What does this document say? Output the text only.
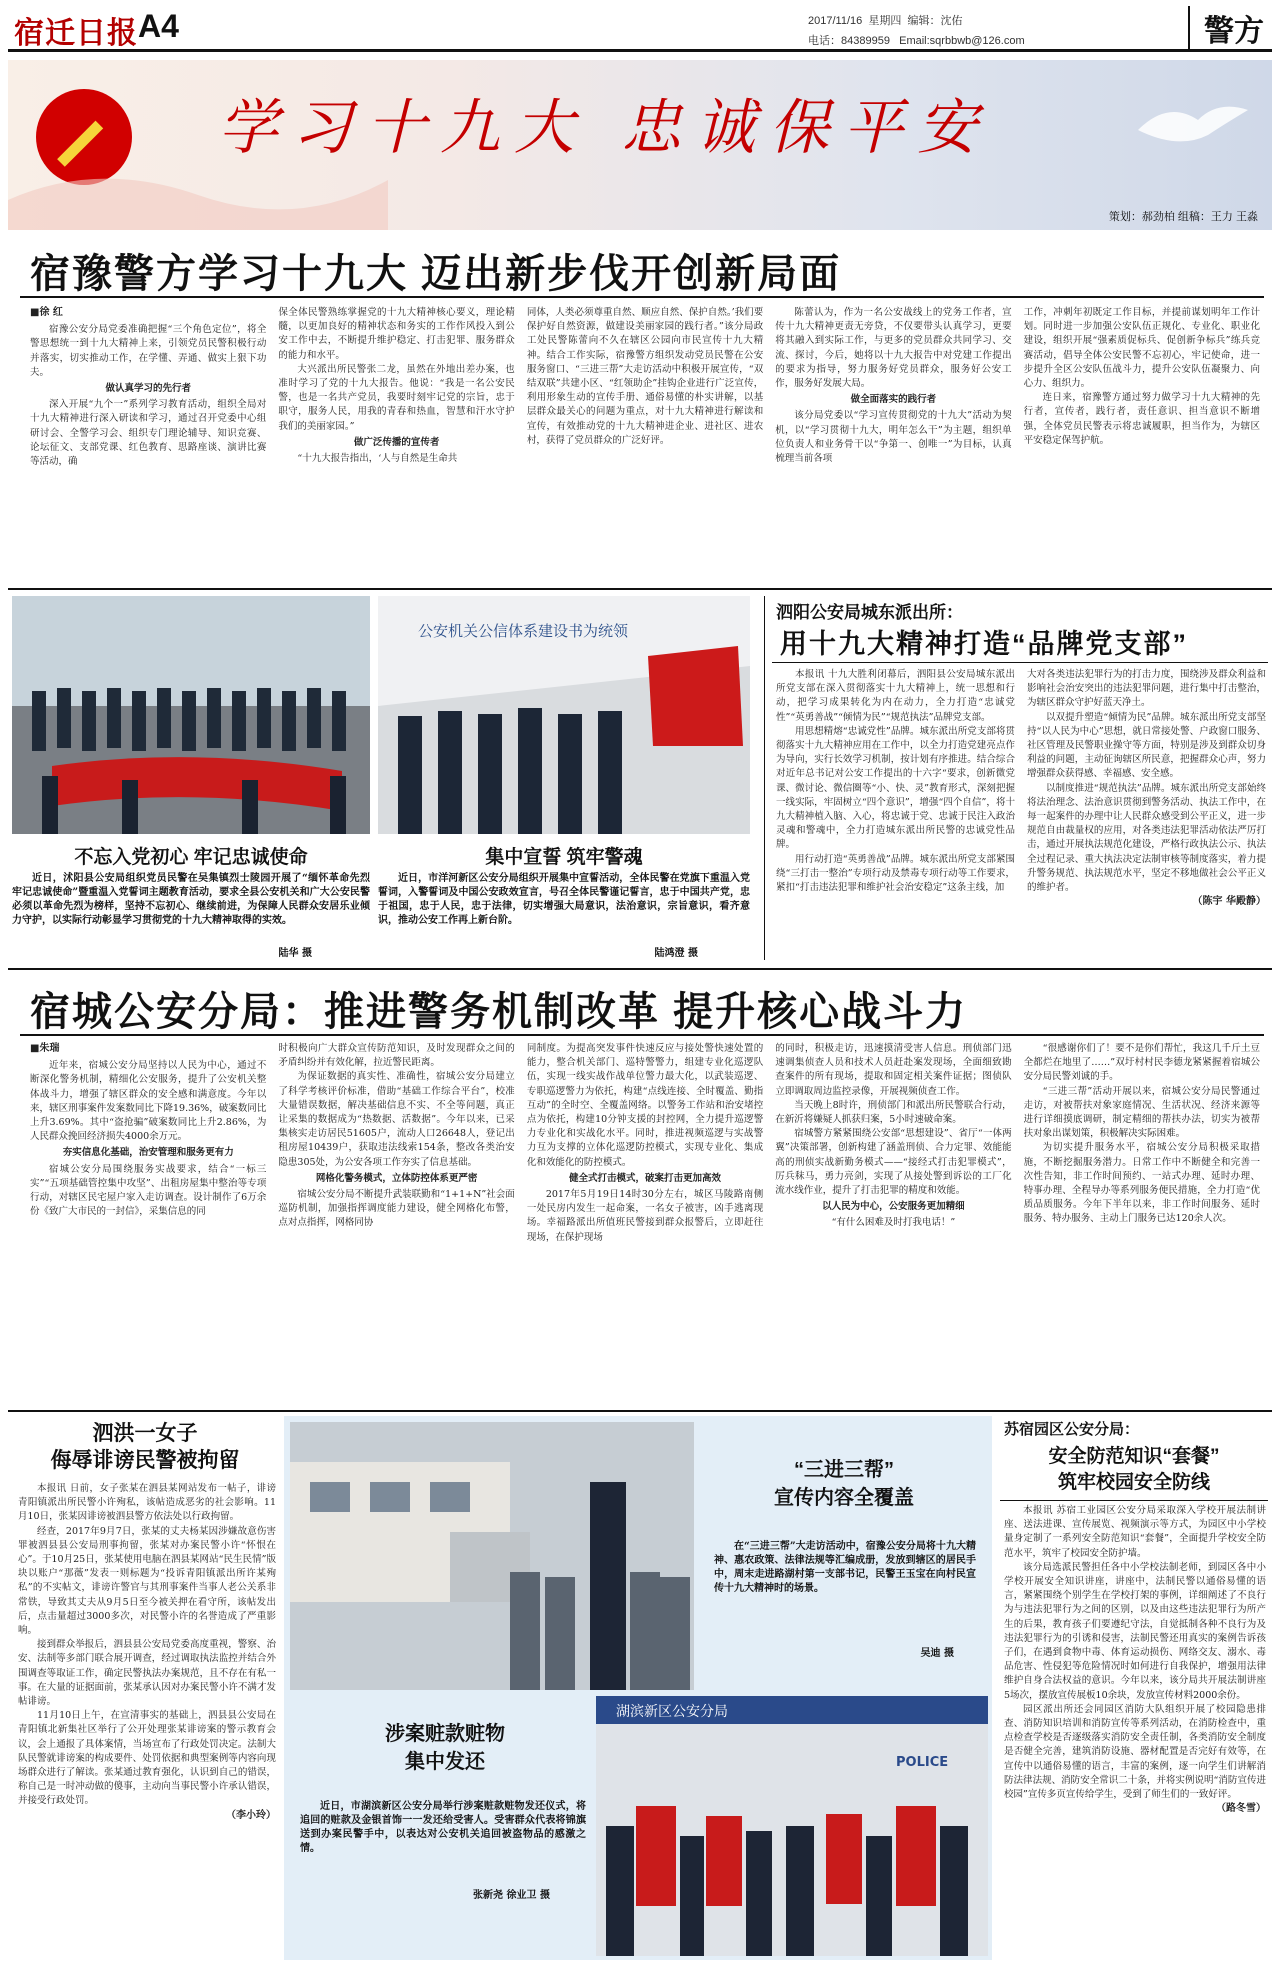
宿迁日报 A4	2017/11/16 星期四 编辑：沈佑
电话：84389959 Email:sqrbbwb@126.com	警方
学习十九大 忠诚保平安
策划：郝劲柏 组稿：王力 王淼
宿豫警方学习十九大 迈出新步伐开创新局面
■徐 红

宿豫公安分局党委准确把握“三个角色定位”，将全警思想统一到十九大精神上来，引领党员民警积极行动并落实，切实推动工作，在学懂、弄通、做实上狠下功夫。

做认真学习的先行者

深入开展“九个一”系列学习教育活动，组织全局对十九大精神进行深入研读和学习，通过召开党委中心组研讨会、全警学习会、组织专门理论辅导、知识竞赛、论坛征文、支部党课、红色教育、思路座谈、演讲比赛等活动，确

保全体民警熟练掌握党的十九大精神核心要义，理论精髓，以更加良好的精神状态和务实的工作作风投入到公安工作中去，不断提升维护稳定、打击犯罪、服务群众的能力和水平。

大兴派出所民警张二龙，虽然在外地出差办案，也准时学习了党的十九大报告。他说：“我是一名公安民警，也是一名共产党员，我要时刻牢记党的宗旨，忠于职守，服务人民，用我的青春和热血，智慧和汗水守护我们的美丽家园。”

做广泛传播的宣传者

“十九大报告指出，‘人与自然是生命共

同体，人类必须尊重自然、顺应自然、保护自然。’我们要保护好自然资源，做建设美丽家园的践行者。”该分局政工处民警陈蕾向不久在辖区公园向市民宣传十九大精神。结合工作实际，宿豫警方组织发动党员民警在公安服务窗口、“三进三帮”大走访活动中积极开展宣传，“双结双联”共建小区、“红领助企”挂钩企业进行广泛宣传，利用形象生动的宣传手册、通俗易懂的朴实讲解，以基层群众最关心的问题为重点，对十九大精神进行解读和宣传，有效推动党的十九大精神进企业、进社区、进农村，获得了党员群众的广泛好评。

陈蕾认为，作为一名公安战线上的党务工作者，宣传十九大精神更责无旁贷，不仅要带头认真学习，更要将其融入到实际工作，与更多的党员群众共同学习、交流、探讨，今后，她将以十九大报告中对党建工作提出的要求为指导，努力服务好党员群众，服务好公安工作，服务好发展大局。

做全面落实的践行者

该分局党委以“学习宣传贯彻党的十九大”活动为契机，以“学习贯彻十九大，明年怎么干”为主题，组织单位负责人和业务骨干以“争第一、创唯一”为目标，认真梳理当前各项

工作，冲刺年初既定工作目标，并提前谋划明年工作计划。同时进一步加强公安队伍正规化、专业化、职业化建设，组织开展“强素质促标兵、促创新争标兵”练兵竞赛活动，倡导全体公安民警不忘初心，牢记使命，进一步提升全区公安队伍战斗力，提升公安队伍凝聚力、向心力、组织力。

连日来，宿豫警方通过努力做学习十九大精神的先行者，宣传者，践行者，责任意识、担当意识不断增强，全体党员民警表示将忠诚履职，担当作为，为辖区平安稳定保驾护航。

公安机关公信体系建设书为统领
不忘入党初心 牢记忠诚使命
近日，沭阳县公安局组织党员民警在吴集镇烈士陵园开展了“缅怀革命先烈 牢记忠诚使命”暨重温入党誓词主题教育活动，要求全县公安机关和广大公安民警必须以革命先烈为榜样，坚持不忘初心、继续前进，为保障人民群众安居乐业倾力守护，以实际行动彰显学习贯彻党的十九大精神取得的实效。
陆华 摄
集中宣誓 筑牢警魂
近日，市洋河新区公安分局组织开展集中宣誓活动，全体民警在党旗下重温入党誓词，入警誓词及中国公安政效宣言，号召全体民警谨记誓言，忠于中国共产党，忠于祖国，忠于人民，忠于法律，切实增强大局意识，法治意识，宗旨意识，看齐意识，推动公安工作再上新台阶。
陆鸿澄 摄
泗阳公安局城东派出所：
用十九大精神打造“品牌党支部”

本报讯 十九大胜利闭幕后，泗阳县公安局城东派出所党支部在深入贯彻落实十九大精神上，统一思想和行动，把学习成果转化为内在动力，全力打造“忠诚党性”“英勇善战”“倾情为民”“规范执法”品牌党支部。

用思想精熔“忠诚党性”品牌。城东派出所党支部将贯彻落实十九大精神应用在工作中，以全力打造党建亮点作为导向，实行长效学习机制，按计划有序推进。结合综合对近年总书记对公安工作提出的十六字“要求，创新微党课、微讨论、微信圈等“小、快、灵”教育形式，深刻把握一线实际，牢固树立“四个意识”，增强“四个自信”，将十九大精神植入脑、入心，将忠诚于党、忠诚于民注入政治灵魂和警魂中，全力打造城东派出所民警的忠诚党性品牌。

用行动打造“英勇善战”品牌。城东派出所党支部紧围绕“三打击一整治”专项行动及禁毒专项行动等工作要求，紧扣“打击违法犯罪和维护社会治安稳定”这条主线，加

大对各类违法犯罪行为的打击力度，围绕涉及群众利益和影响社会治安突出的违法犯罪问题，进行集中打击整治，为辖区群众守护好蓝天净土。

以双提升塑造“倾情为民”品牌。城东派出所党支部坚持“以人民为中心”思想，就日常接处警、户政窗口服务、社区管理及民警职业操守等方面，特别是涉及到群众切身利益的问题，主动征询辖区所民意，把握群众心声，努力增强群众获得感、幸福感、安全感。

以制度推进“规范执法”品牌。城东派出所党支部始终将法治理念、法治意识贯彻到警务活动、执法工作中，在每一起案件的办理中让人民群众感受到公平正义，进一步规范自由裁量权的应用，对各类违法犯罪活动依法严厉打击，通过开展执法规范化建设，严格行政执法公示、执法全过程记录、重大执法决定法制审核等制度落实，着力提升警务规范、执法规范水平，坚定不移地做社会公平正义的维护者。

（陈宇 华殿静）
宿城公安分局：推进警务机制改革 提升核心战斗力
■朱瑞

近年来，宿城公安分局坚持以人民为中心，通过不断深化警务机制，精细化公安服务，提升了公安机关整体战斗力，增强了辖区群众的安全感和满意度。今年以来，辖区刑事案件发案数同比下降19.36%，破案数同比上升3.69%。其中“盗抢骗”破案数同比上升2.86%，为人民群众挽回经济损失4000余万元。

夯实信息化基础，治安管理和服务更有力

宿城公安分局围绕服务实战要求，结合“一标三实”“五项基础管控集中攻坚”、出租房屋集中整治等专项行动，对辖区民宅屋户家入走访调查。设计制作了6万余份《致广大市民的一封信》，采集信息的同

时积极向广大群众宣传防范知识，及时发现群众之间的矛盾纠纷并有效化解，拉近警民距离。

为保证数据的真实性、准确性，宿城公安分局建立了科学考核评价标准，借助“基础工作综合平台”，校准大量错误数据，解决基础信息不实、不全等问题，真正让采集的数据成为“热数据、活数据”。今年以来，已采集核实走访居民51605户，流动人口26648人，登记出租房屋10439户，获取违法线索154条，整改各类治安隐患305处，为公安各项工作夯实了信息基础。

网格化警务模式，立体防控体系更严密

宿城公安分局不断提升武装联勤和“1+1+N”社会面巡防机制，加强指挥调度能力建设，健全网格化布警，点对点指挥，网格同协

同制度。为提高突发事件快速反应与接处警快速处置的能力，整合机关部门、巡特警警力，组建专业化巡逻队伍，实现一线实战作战单位警力最大化，以武装巡逻、专职巡逻警力为依托，构建“点线连接、全时覆盖、勤指互动”的全时空、全覆盖网络。以警务工作站和治安堵控点为依托，构建10分钟支援的封控网，全力提升巡逻警力专业化和实战化水平。同时，推进视频巡逻与实战警力互为支撑的立体化巡逻防控模式，实现专业化、集成化和效能化的防控模式。

健全式打击模式，破案打击更加高效

2017年5月19日14时30分左右，城区马陵路南侧一处民房内发生一起命案，一名女子被害，凶手逃离现场。幸福路派出所值班民警接到群众报警后，立即赶往现场，在保护现场

的同时，积极走访，迅速摸清受害人信息。刑侦部门迅速调集侦查人员和技术人员赶赴案发现场，全面细致勘查案件的所有现场，提取和固定相关案件证据；图侦队立即调取周边监控录像，开展视频侦查工作。

当天晚上8时许，刑侦部门和派出所民警联合行动，在新沂将嫌疑人抓获归案，5小时速破命案。

宿城警方紧紧围绕公安部“思想建设”、省厅“一体两翼”决策部署，创新构建了涵盖刑侦、合力定罪、效能能高的刑侦实战新勤务模式——“接经式打击犯罪模式”，厉兵秣马，勇力亮剑，实现了从接处警到诉讼的工厂化流水线作业，提升了打击犯罪的精度和效能。

以人民为中心，公安服务更加精细

“有什么困难及时打我电话！”

“很感谢你们了！要不是你们帮忙，我这几千斤土豆全都烂在地里了……”双圩村村民李德龙紧紧握着宿城公安分局民警刘诚的手。

“三进三帮”活动开展以来，宿城公安分局民警通过走访，对被帮扶对象家庭情况、生活状况、经济来源等进行详细摸底调研，制定精细的帮扶办法，切实为被帮扶对象出谋划策，积极解决实际困难。

为切实提升服务水平，宿城公安分局积极采取措施，不断挖掘服务潜力。日常工作中不断健全和完善一次性告知，非工作时间预约、一站式办理、延时办理、特事办理、全程导办等系列服务便民措施，全力打造“优质品质服务。今年下半年以来，非工作时间服务、延时服务、特办服务、主动上门服务已达120余人次。

泗洪一女子
侮辱诽谤民警被拘留

本报讯 日前，女子张某在泗县某网站发布一帖子，诽谤青阳镇派出所民警小许殉私，该帖造成恶劣的社会影响。11月10日，张某因诽谤被泗县警方依法处以行政拘留。

经查，2017年9月7日，张某的丈夫杨某因涉嫌故意伤害罪被泗县县公安局刑事拘留，张某对办案民警小许“怀恨在心”。于10月25日，张某使用电脑在泗县某网站“民生民情”版块以账户“那薇”发表一则标题为“投诉青阳镇派出所许某殉私”的不实帖文，诽谤许警官与其刑事案件当事人老公关系非常铁，导致其丈夫从9月5日至今被关押在看守所，该帖发出后，点击量超过3000多次，对民警小许的名誉造成了严重影响。

接到群众举报后，泗县县公安局党委高度重视，警察、治安、法制等多部门联合展开调查，经过调取执法监控并结合外围调查等取证工作，确定民警执法办案规范，且不存在有私一事。在大量的证据面前，张某承认因对办案民警小许不满才发帖诽谤。

11月10日上午，在宣清事实的基础上，泗县县公安局在青阳镇北新集社区举行了公开处理张某诽谤案的警示教育会议，会上通报了具体案情，当场宣布了行政处罚决定。法制大队民警就诽谤案的构成要件、处罚依据和典型案例等内容向现场群众进行了解读。张某通过教育强化，认识到自己的错误，称自己是一时冲动做的傻事，主动向当事民警小许承认错误，并接受行政处罚。

（李小玲）
“三进三帮”
宣传内容全覆盖
在“三进三帮”大走访活动中，宿豫公安分局将十九大精神、惠农政策、法律法规等汇编成册，发放到辖区的居民手中，周末走进路湖村第一支部书记，民警王玉宝在向村民宣传十九大精神时的场景。
吴迪 摄
涉案赃款赃物
集中发还
近日，市湖滨新区公安分局举行涉案赃款赃物发还仪式，将追回的赃款及金银首饰一一发还给受害人。受害群众代表将锦旗送到办案民警手中，以表达对公安机关追回被盗物品的感激之情。
张新尧 徐业卫 摄
湖滨新区公安分局
POLICE
苏宿园区公安分局：
安全防范知识“套餐”
筑牢校园安全防线

本报讯 苏宿工业园区公安分局采取深入学校开展法制讲座、送法进课、宣传展览、视频演示等方式，为园区中小学校量身定制了一系列安全防范知识“套餐”，全面提升学校安全防范水平，筑牢了校园安全防护墙。

该分局选派民警担任各中小学校法制老师，到园区各中小学校开展安全知识讲座，讲座中，法制民警以通俗易懂的语言，紧紧围绕个别学生在学校打架的事例，详细阐述了不良行为与违法犯罪行为之间的区别，以及由这些违法犯罪行为所产生的后果，教育孩子们要遵纪守法，自觉抵制各种不良行为及违法犯罪行为的引诱和侵害，法制民警还用真实的案例告诉孩子们，在遇到食物中毒、体育运动损伤、网络交友、溺水、毒品危害、性侵犯等危险情况时如何进行自我保护，增强用法律维护自身合法权益的意识。今年以来，该分局共开展法制讲座5场次，摆放宣传展板10余块，发放宣传材料2000余份。

园区派出所还会同园区消防大队组织开展了校园隐患排查、消防知识培训和消防宣传等系列活动，在消防检查中，重点检查学校是否逐级落实消防安全责任制，各类消防安全制度是否健全完善，建筑消防设施、器材配置是否完好有效等，在宣传中以通俗易懂的语言，丰富的案例，逐一向学生们讲解消防法律法规、消防安全常识二十条，并将实例说明“消防宣传进校园”宣传多页宣传给学生，受到了师生们的一致好评。

（路冬雪）
